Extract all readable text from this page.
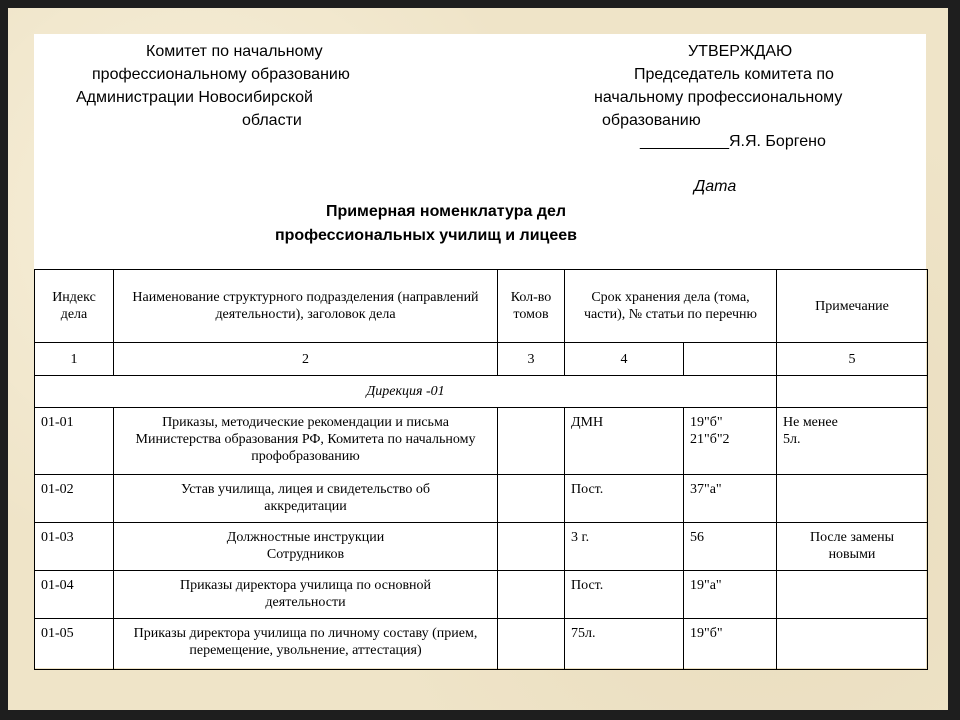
Комитет по начальному
профессиональному образованию
Администрации Новосибирской
области
УТВЕРЖДАЮ
Председатель комитета по
начальному профессиональному
образованию
__________Я.Я. Боргено
Дата
Примерная номенклатура дел
профессиональных училищ и лицеев
Индекс дела	Наименование структурного подразделения (направлений деятельности), заголовок дела	Кол-во томов	Срок хранения дела (тома, части), № статьи по перечню		Примечание
1	2	3	4		5
Дирекция -01					
01-01	Приказы, методические рекомендации и письма Министерства образования РФ, Комитета по начальному профобразованию		ДМН	19"б" 21"б"2	Не менее 5л.

01-02	Устав училища, лицея и свидетельство об аккредитации		Пост.	37"а"	
01-03	Должностные инструкции Сотрудников		3 г.	56	После замены новыми

01-04	Приказы директора училища по основной деятельности		Пост.	19"а"	
01-05	Приказы директора училища по личному составу (прием, перемещение, увольнение, аттестация)		75л.	19"б"	
